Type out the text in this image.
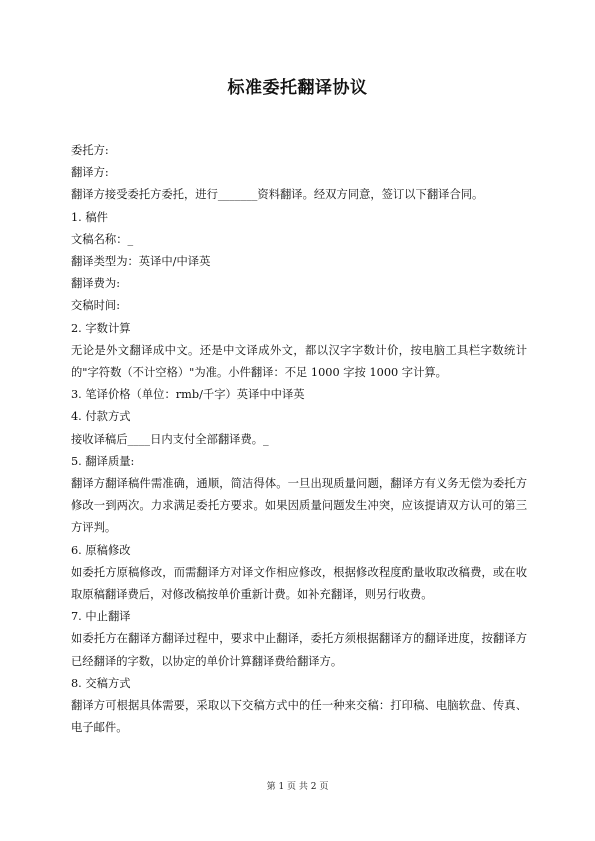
标准委托翻译协议

委托方:

翻译方:

翻译方接受委托方委托，进行_______资料翻译。经双方同意，签订以下翻译合同。

1. 稿件

文稿名称：_

翻译类型为：英译中/中译英

翻译费为:

交稿时间:

2. 字数计算

无论是外文翻译成中文。还是中文译成外文，都以汉字字数计价，按电脑工具栏字数统计的"字符数（不计空格）"为准。小件翻译：不足 1000 字按 1000 字计算。

3. 笔译价格（单位：rmb/千字）英译中中译英

4. 付款方式

接收译稿后____日内支付全部翻译费。_

5. 翻译质量:

翻译方翻译稿件需准确，通顺，简洁得体。一旦出现质量问题，翻译方有义务无偿为委托方修改一到两次。力求满足委托方要求。如果因质量问题发生冲突，应该提请双方认可的第三方评判。

6. 原稿修改

如委托方原稿修改，而需翻译方对译文作相应修改，根据修改程度酌量收取改稿费，或在收取原稿翻译费后，对修改稿按单价重新计费。如补充翻译，则另行收费。

7. 中止翻译

如委托方在翻译方翻译过程中，要求中止翻译，委托方须根据翻译方的翻译进度，按翻译方已经翻译的字数，以协定的单价计算翻译费给翻译方。

8. 交稿方式

翻译方可根据具体需要，采取以下交稿方式中的任一种来交稿：打印稿、电脑软盘、传真、电子邮件。

第 1 页 共 2 页
